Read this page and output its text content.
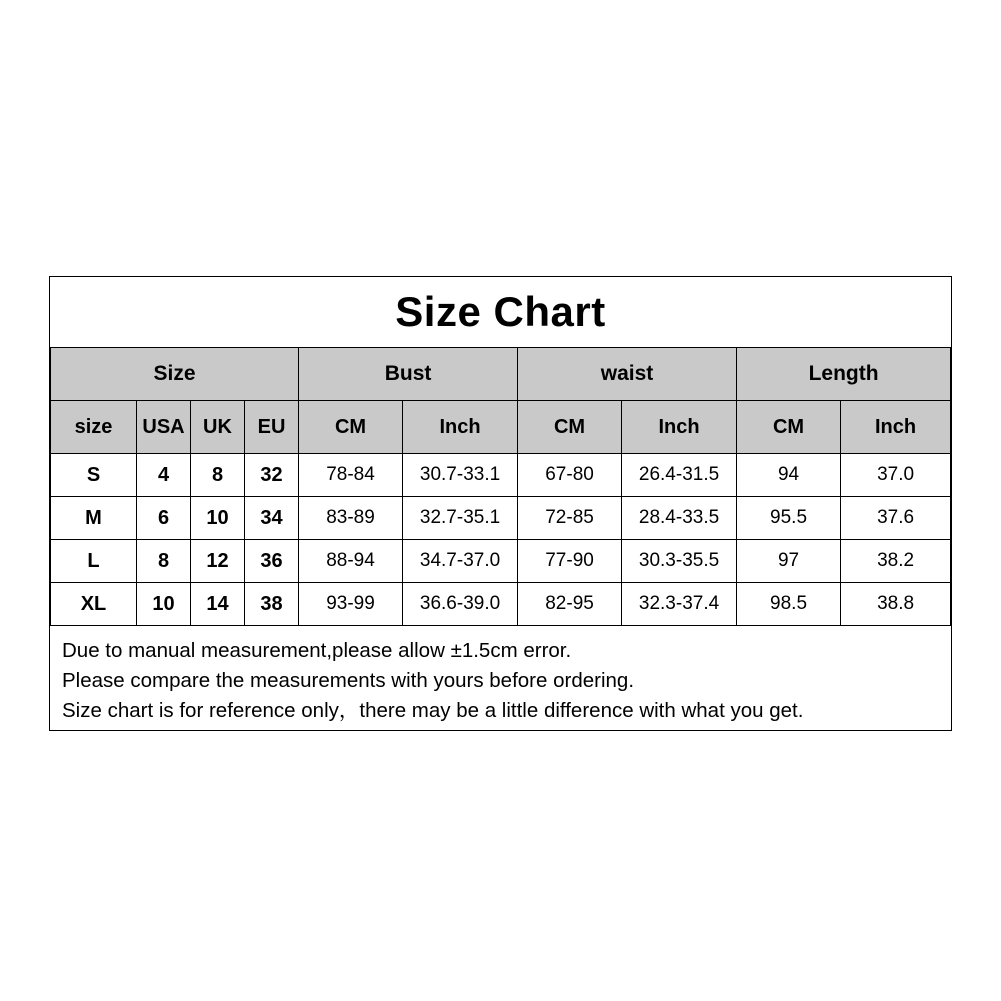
Size Chart
Size				Bust		waist		Length	
size	USA	UK	EU	CM	Inch	CM	Inch	CM	Inch
S	4	8	32	78-84	30.7-33.1	67-80	26.4-31.5	94	37.0
M	6	10	34	83-89	32.7-35.1	72-85	28.4-33.5	95.5	37.6
L	8	12	36	88-94	34.7-37.0	77-90	30.3-35.5	97	38.2
XL	10	14	38	93-99	36.6-39.0	82-95	32.3-37.4	98.5	38.8
Due to manual measurement,please allow ±1.5cm error.
Please compare the measurements with yours before ordering.
Size chart is for reference only，there may be a little difference with what you get.
